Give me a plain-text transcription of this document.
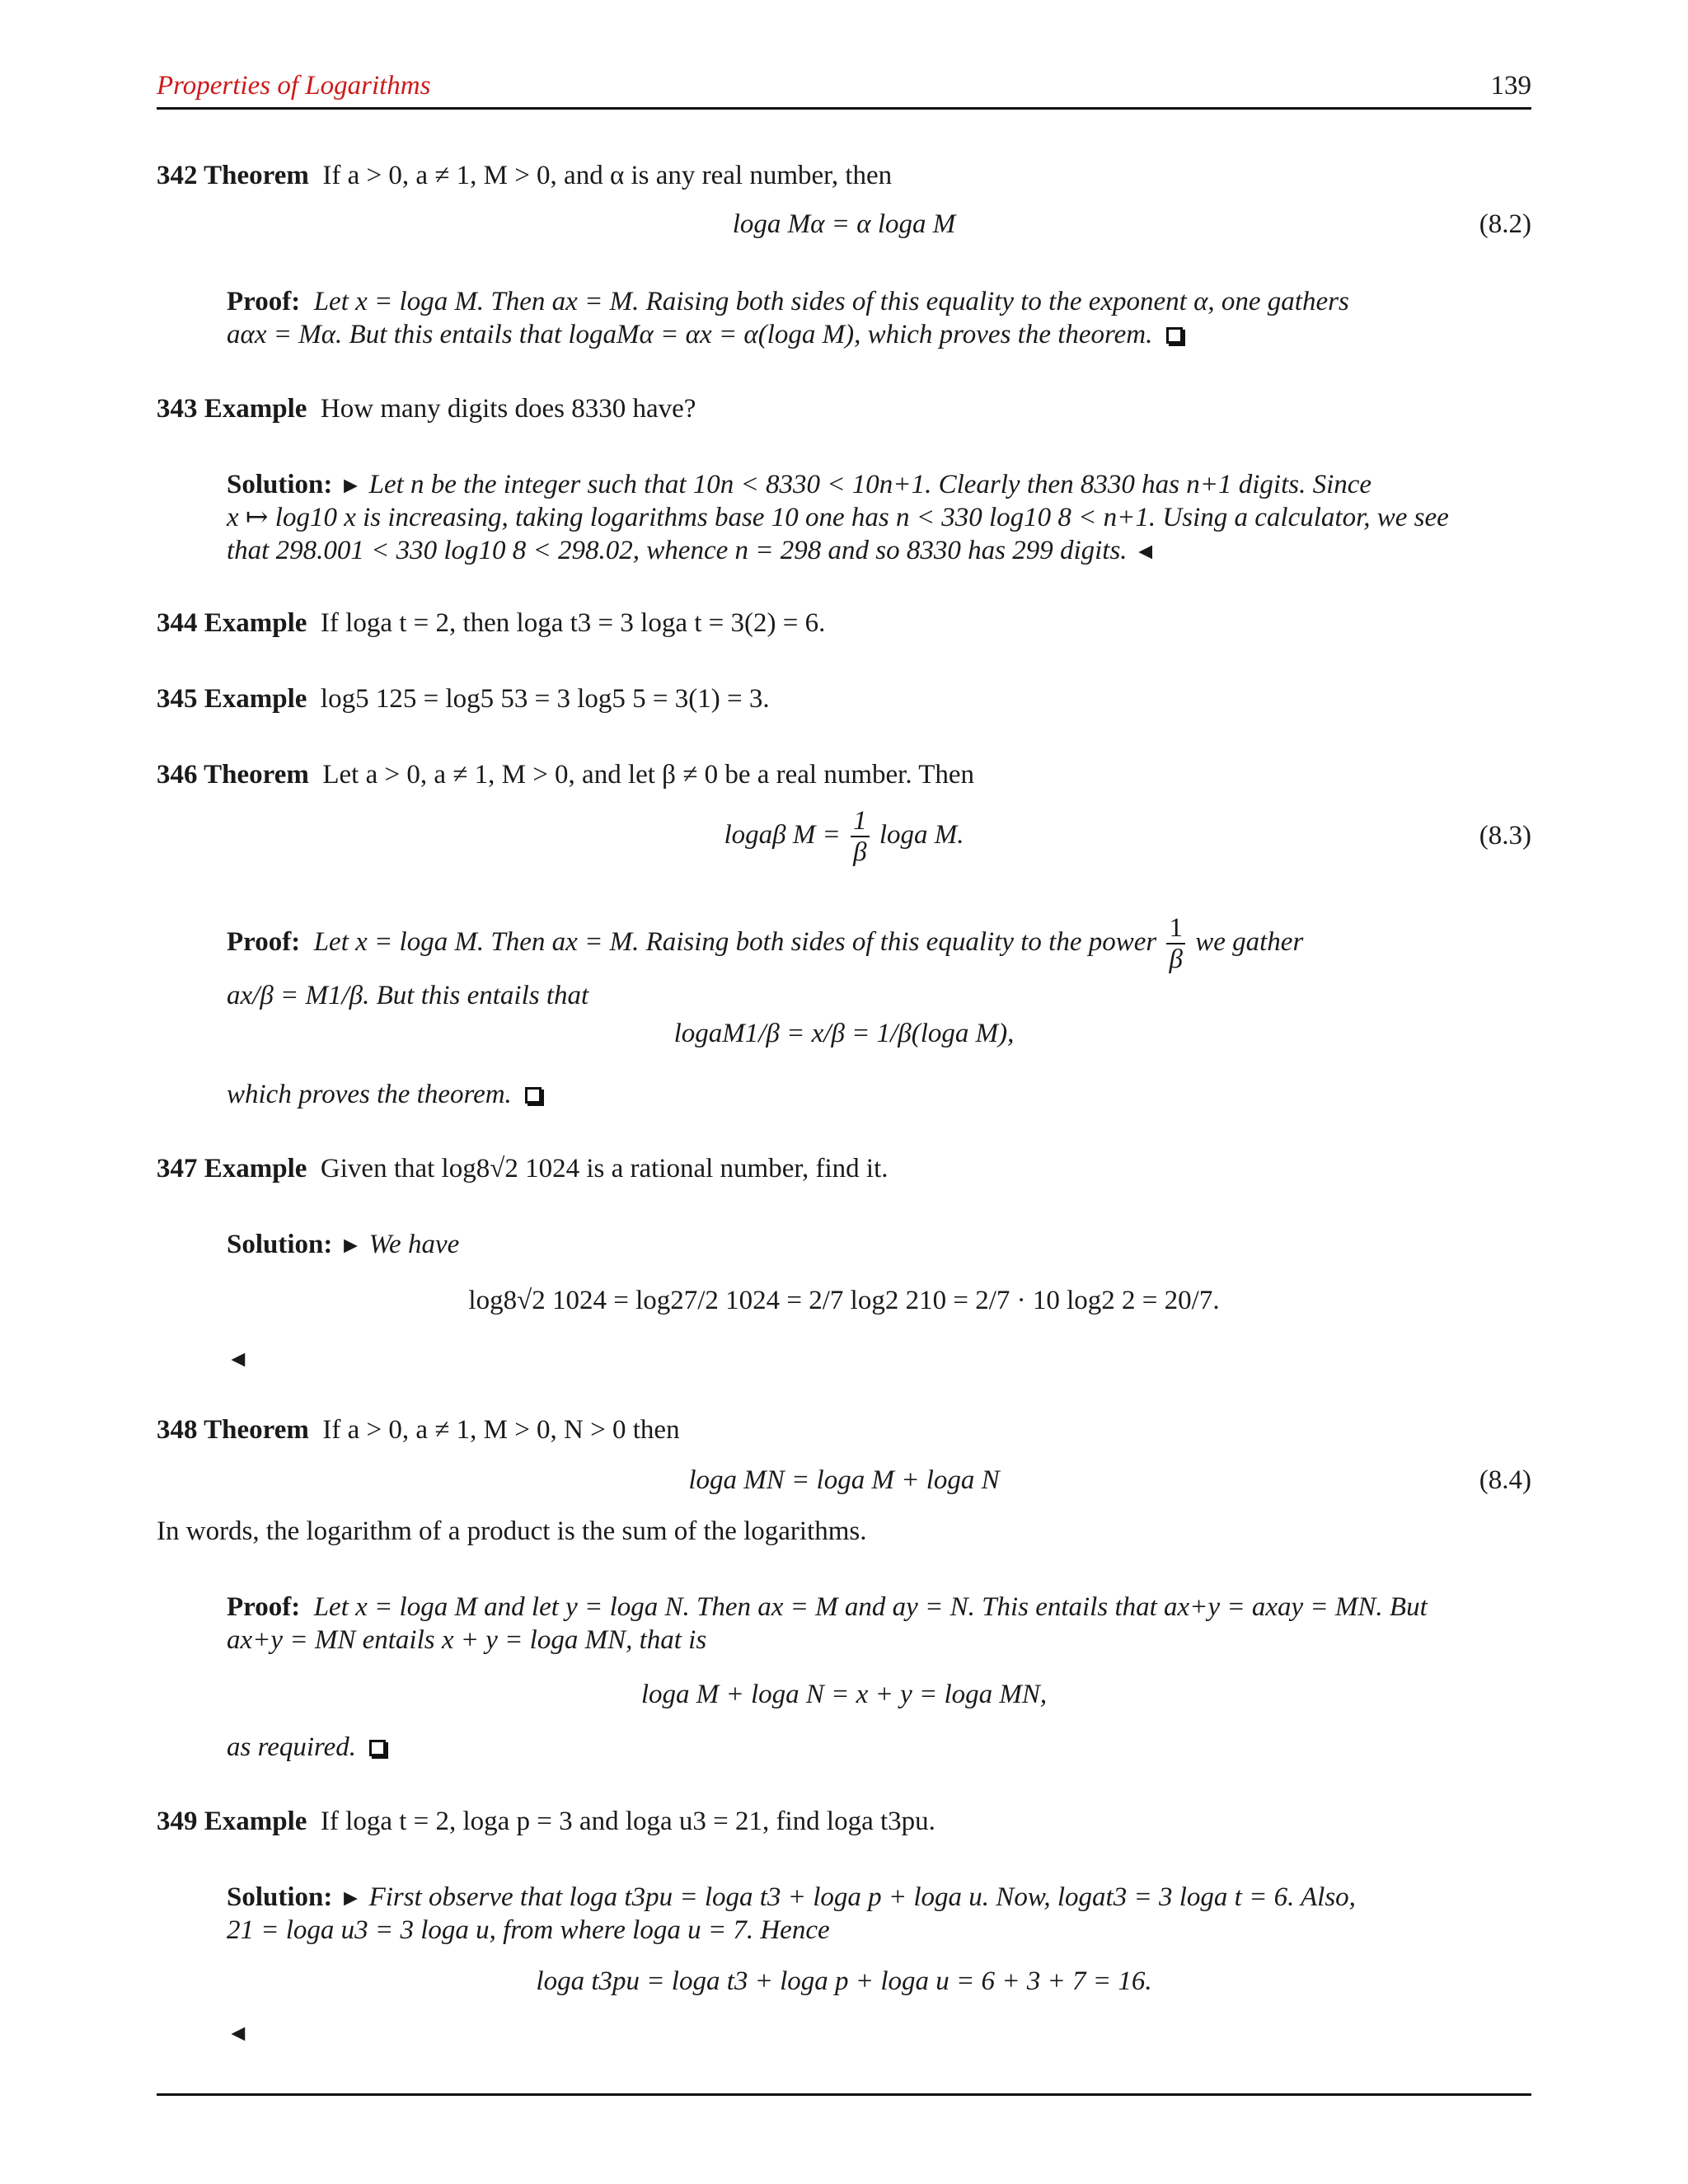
Properties of Logarithms	139
342 Theorem If a > 0, a ≠ 1, M > 0, and α is any real number, then
loga Mα = α loga M	(8.2)
Proof: Let x = loga M. Then ax = M. Raising both sides of this equality to the exponent α, one gathers
aαx = Mα. But this entails that logaMα = αx = α(loga M), which proves the theorem.
343 Example How many digits does 8330 have?
Solution: ► Let n be the integer such that 10n < 8330 < 10n+1. Clearly then 8330 has n+1 digits. Since
x ↦ log10 x is increasing, taking logarithms base 10 one has n < 330 log10 8 < n+1. Using a calculator, we see
that 298.001 < 330 log10 8 < 298.02, whence n = 298 and so 8330 has 299 digits. ◄
344 Example If loga t = 2, then loga t3 = 3 loga t = 3(2) = 6.
345 Example log5 125 = log5 53 = 3 log5 5 = 3(1) = 3.
346 Theorem Let a > 0, a ≠ 1, M > 0, and let β ≠ 0 be a real number. Then
logaβ $M = \frac{1}{\beta}$ loga M.	(8.3)
Proof: Let x = loga M. Then ax = M. Raising both sides of this equality to the power $\frac{1}{\beta}$ we gather
ax/β = M1/β. But this entails that
logaM1/β = x/β = 1/β(loga M),
which proves the theorem.
347 Example Given that log8√2 1024 is a rational number, find it.
Solution: ► We have
log8√2 1024 = log27/2 1024 = 2/7 log2 210 = 2/7 · 10 log2 2 = 20/7.
◄
348 Theorem If a > 0, a ≠ 1, M > 0, N > 0 then
loga MN = loga M + loga N	(8.4)
In words, the logarithm of a product is the sum of the logarithms.
Proof: Let x = loga M and let y = loga N. Then ax = M and ay = N. This entails that ax+y = axay = MN. But
ax+y = MN entails x + y = loga MN, that is
loga M + loga N = x + y = loga MN,
as required.
349 Example If loga t = 2, loga p = 3 and loga u3 = 21, find loga t3pu.
Solution: ► First observe that loga t3pu = loga t3 + loga p + loga u. Now, logat3 = 3 loga t = 6. Also,
21 = loga u3 = 3 loga u, from where loga u = 7. Hence
loga t3pu = loga t3 + loga p + loga u = 6 + 3 + 7 = 16.
◄
